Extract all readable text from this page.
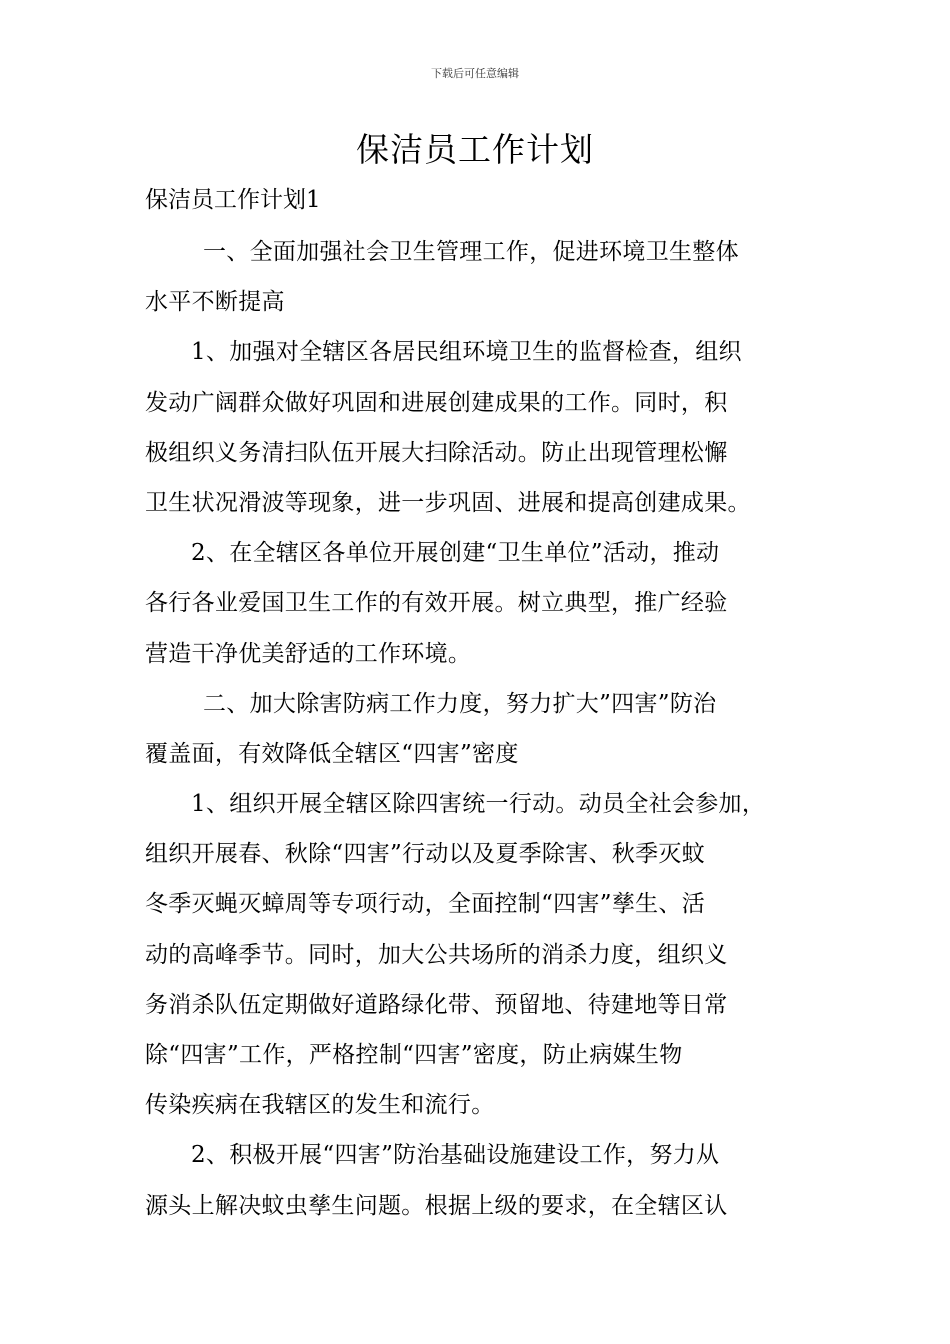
下载后可任意编辑
保洁员工作计划
保洁员工作计划1
一、全面加强社会卫生管理工作，促进环境卫生整体
水平不断提高
1、加强对全辖区各居民组环境卫生的监督检查，组织
发动广阔群众做好巩固和进展创建成果的工作。同时，积
极组织义务清扫队伍开展大扫除活动。防止出现管理松懈
卫生状况滑波等现象，进一步巩固、进展和提高创建成果。
2、在全辖区各单位开展创建“卫生单位”活动，推动
各行各业爱国卫生工作的有效开展。树立典型，推广经验
营造干净优美舒适的工作环境。
二、加大除害防病工作力度，努力扩大”四害”防治
覆盖面，有效降低全辖区“四害”密度
1、组织开展全辖区除四害统一行动。动员全社会参加，
组织开展春、秋除“四害”行动以及夏季除害、秋季灭蚊
冬季灭蝇灭蟑周等专项行动，全面控制“四害”孳生、活
动的高峰季节。同时，加大公共场所的消杀力度，组织义
务消杀队伍定期做好道路绿化带、预留地、待建地等日常
除“四害”工作，严格控制“四害”密度，防止病媒生物
传染疾病在我辖区的发生和流行。
2、积极开展“四害”防治基础设施建设工作，努力从
源头上解决蚊虫孳生问题。根据上级的要求，在全辖区认
